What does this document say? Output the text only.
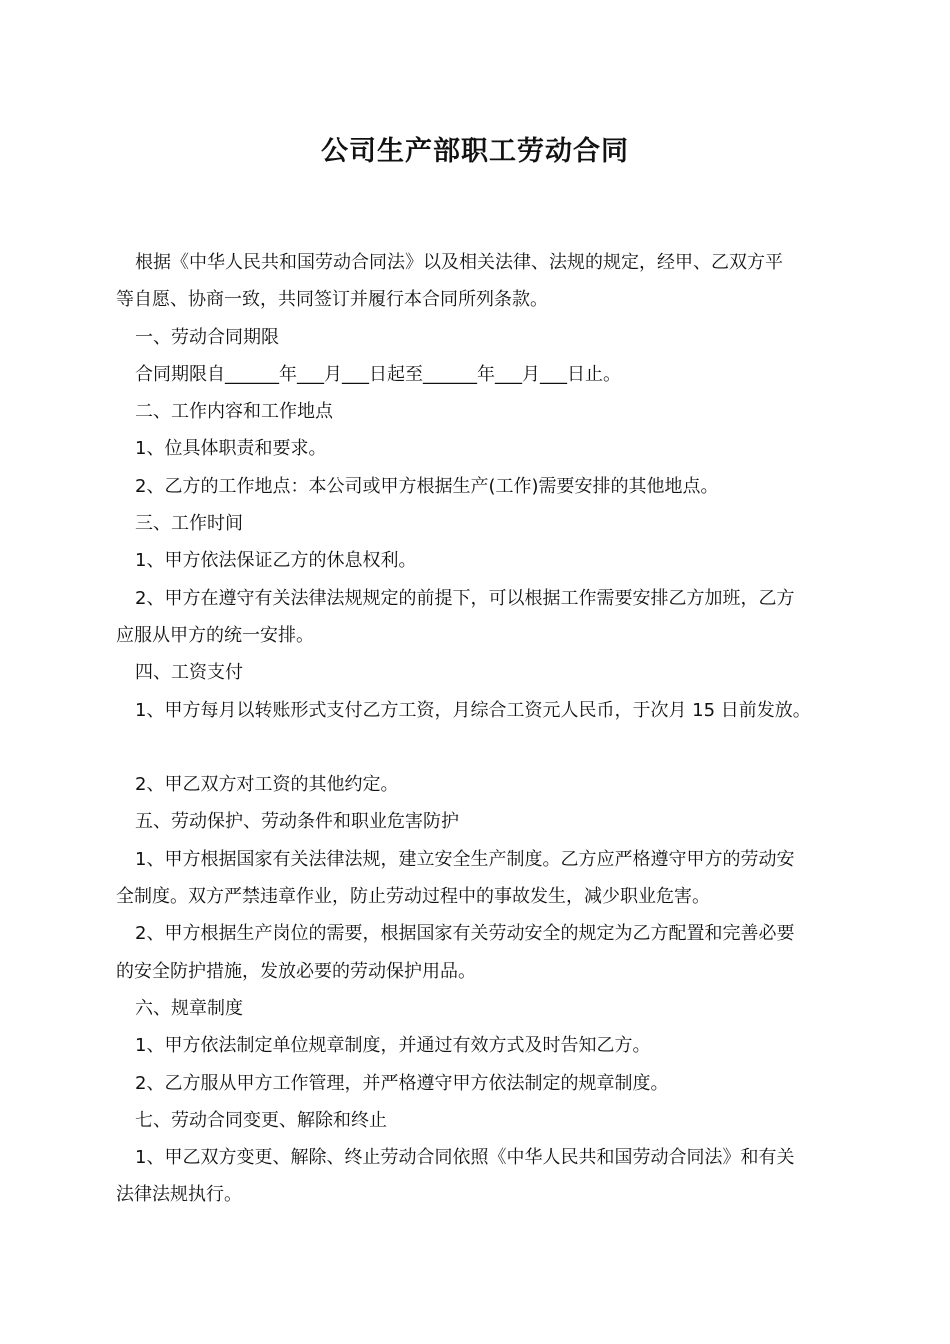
公司生产部职工劳动合同

根据《中华人民共和国劳动合同法》以及相关法律、法规的规定，经甲、乙双方平

等自愿、协商一致，共同签订并履行本合同所列条款。

一、劳动合同期限

合同期限自______年___月___日起至______年___月___日止。

二、工作内容和工作地点

1、位具体职责和要求。

2、乙方的工作地点：本公司或甲方根据生产(工作)需要安排的其他地点。

三、工作时间

1、甲方依法保证乙方的休息权利。

2、甲方在遵守有关法律法规规定的前提下，可以根据工作需要安排乙方加班，乙方

应服从甲方的统一安排。

四、工资支付

1、甲方每月以转账形式支付乙方工资，月综合工资元人民币，于次月 15 日前发放。

2、甲乙双方对工资的其他约定。

五、劳动保护、劳动条件和职业危害防护

1、甲方根据国家有关法律法规，建立安全生产制度。乙方应严格遵守甲方的劳动安

全制度。双方严禁违章作业，防止劳动过程中的事故发生，减少职业危害。

2、甲方根据生产岗位的需要，根据国家有关劳动安全的规定为乙方配置和完善必要

的安全防护措施，发放必要的劳动保护用品。

六、规章制度

1、甲方依法制定单位规章制度，并通过有效方式及时告知乙方。

2、乙方服从甲方工作管理，并严格遵守甲方依法制定的规章制度。

七、劳动合同变更、解除和终止

1、甲乙双方变更、解除、终止劳动合同依照《中华人民共和国劳动合同法》和有关

法律法规执行。
